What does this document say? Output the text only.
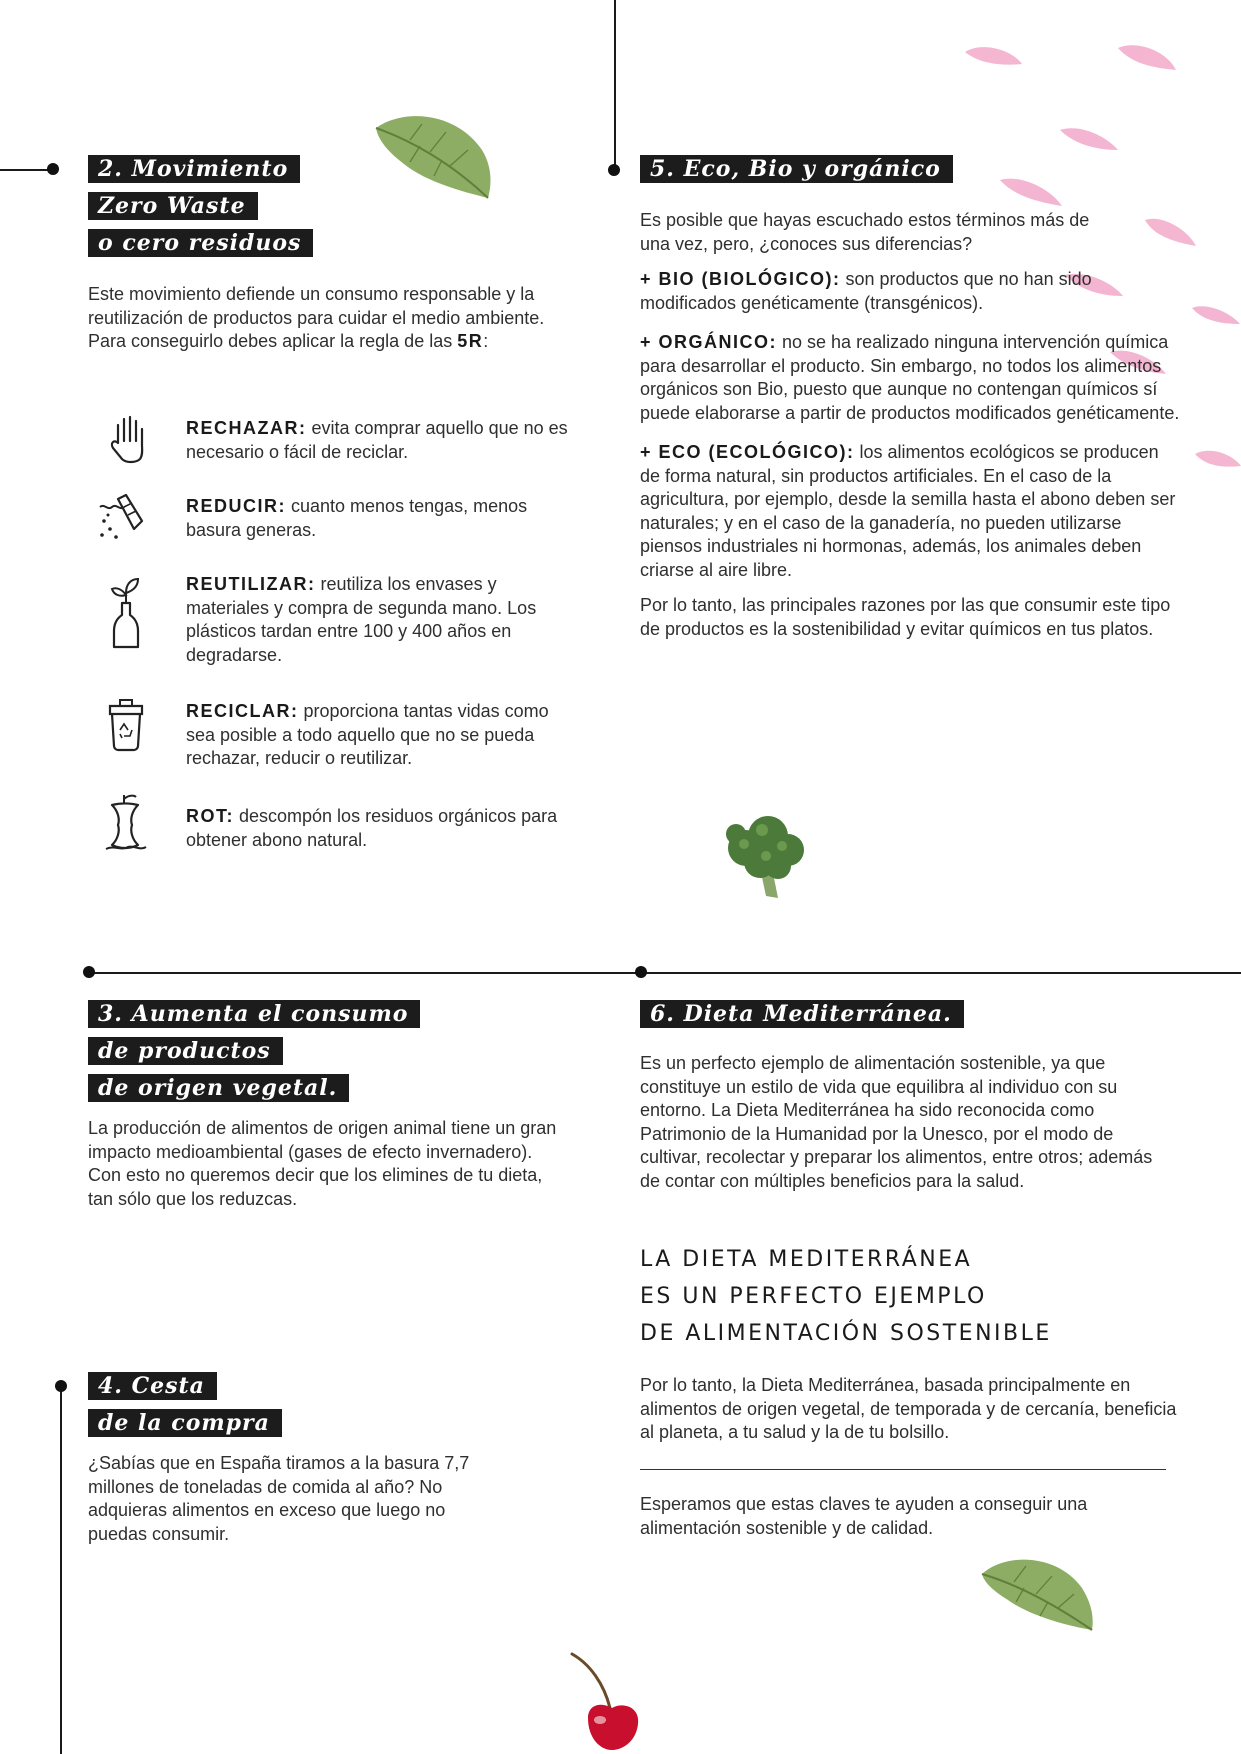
2. Movimiento
Zero Waste
o cero residuos

Este movimiento defiende un consumo responsable y la reutilización de productos para cuidar el medio ambiente. Para conseguirlo debes aplicar la regla de las 5R:

RECHAZAR: evita comprar aquello que no es necesario o fácil de reciclar.

REDUCIR: cuanto menos tengas, menos basura generas.

REUTILIZAR: reutiliza los envases y materiales y compra de segunda mano. Los plásticos tardan entre 100 y 400 años en degradarse.

RECICLAR: proporciona tantas vidas como sea posible a todo aquello que no se pueda rechazar, reducir o reutilizar.

ROT: descompón los residuos orgánicos para obtener abono natural.

5. Eco, Bio y orgánico

Es posible que hayas escuchado estos términos más de una vez, pero, ¿conoces sus diferencias?

+ BIO (BIOLÓGICO): son productos que no han sido modificados genéticamente (transgénicos).

+ ORGÁNICO: no se ha realizado ninguna intervención química para desarrollar el producto. Sin embargo, no todos los alimentos orgánicos son Bio, puesto que aunque no contengan químicos sí puede elaborarse a partir de productos modificados genéticamente.

+ ECO (ECOLÓGICO): los alimentos ecológicos se producen de forma natural, sin productos artificiales. En el caso de la agricultura, por ejemplo, desde la semilla hasta el abono deben ser naturales; y en el caso de la ganadería, no pueden utilizarse piensos industriales ni hormonas, además, los animales deben criarse al aire libre.

Por lo tanto, las principales razones por las que consumir este tipo de productos es la sostenibilidad y evitar químicos en tus platos.

3. Aumenta el consumo
de productos
de origen vegetal.

La producción de alimentos de origen animal tiene un gran impacto medioambiental (gases de efecto invernadero). Con esto no queremos decir que los elimines de tu dieta, tan sólo que los reduzcas.

6. Dieta Mediterránea.

Es un perfecto ejemplo de alimentación sostenible, ya que constituye un estilo de vida que equilibra al individuo con su entorno. La Dieta Mediterránea ha sido reconocida como Patrimonio de la Humanidad por la Unesco, por el modo de cultivar, recolectar y preparar los alimentos, entre otros; además de contar con múltiples beneficios para la salud.

LA DIETA MEDITERRÁNEA
ES UN PERFECTO EJEMPLO
DE ALIMENTACIÓN SOSTENIBLE

Por lo tanto, la Dieta Mediterránea, basada principalmente en alimentos de origen vegetal, de temporada y de cercanía, beneficia al planeta, a tu salud y la de tu bolsillo.

Esperamos que estas claves te ayuden a conseguir una alimentación sostenible y de calidad.

4. Cesta
de la compra

¿Sabías que en España tiramos a la basura 7,7 millones de toneladas de comida al año? No adquieras alimentos en exceso que luego no puedas consumir.
